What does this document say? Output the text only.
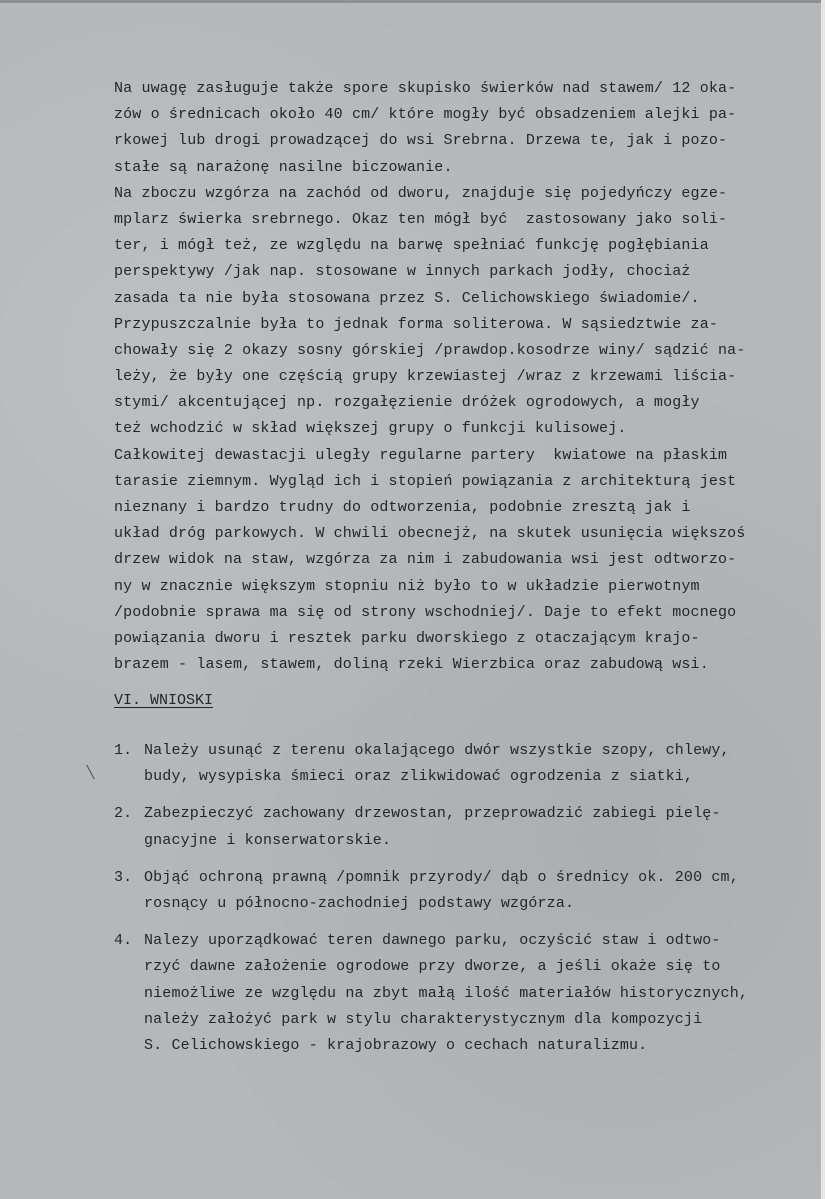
Na uwagę zasługuje także spore skupisko świerków nad stawem/ 12 oka-
zów o średnicach około 40 cm/ które mogły być obsadzeniem alejki pa-
rkowej lub drogi prowadzącej do wsi Srebrna. Drzewa te, jak i pozo-
stałe są narażonę nasilne biczowanie.
Na zboczu wzgórza na zachód od dworu, znajduje się pojedyńczy egze-
mplarz świerka srebrnego. Okaz ten mógł być  zastosowany jako soli-
ter, i mógł też, ze względu na barwę spełniać funkcję pogłębiania
perspektywy /jak nap. stosowane w innych parkach jodły, chociaż
zasada ta nie była stosowana przez S. Celichowskiego świadomie/.
Przypuszczalnie była to jednak forma soliterowa. W sąsiedztwie za-
chowały się 2 okazy sosny górskiej /prawdop.kosodrze winy/ sądzić na-
leży, że były one częścią grupy krzewiastej /wraz z krzewami liścia-
stymi/ akcentującej np. rozgałęzienie dróżek ogrodowych, a mogły
też wchodzić w skład większej grupy o funkcji kulisowej.
Całkowitej dewastacji uległy regularne partery  kwiatowe na płaskim
tarasie ziemnym. Wygląd ich i stopień powiązania z architekturą jest
nieznany i bardzo trudny do odtworzenia, podobnie zresztą jak i
układ dróg parkowych. W chwili obecnejż, na skutek usunięcia większoś
drzew widok na staw, wzgórza za nim i zabudowania wsi jest odtworzo-
ny w znacznie większym stopniu niż było to w układzie pierwotnym
/podobnie sprawa ma się od strony wschodniej/. Daje to efekt mocnego
powiązania dworu i resztek parku dworskiego z otaczającym krajo-
brazem - lasem, stawem, doliną rzeki Wierzbica oraz zabudową wsi.
VI. WNIOSKI
1. Należy usunąć z terenu okalającego dwór wszystkie szopy, chlewy,
budy, wysypiska śmieci oraz zlikwidować ogrodzenia z siatki,
2. Zabezpieczyć zachowany drzewostan, przeprowadzić zabiegi pielę-
gnacyjne i konserwatorskie.
3. Objąć ochroną prawną /pomnik przyrody/ dąb o średnicy ok. 200 cm,
rosnący u północno-zachodniej podstawy wzgórza.
4. Nalezy uporządkować teren dawnego parku, oczyścić staw i odtwo-
rzyć dawne założenie ogrodowe przy dworze, a jeśli okaże się to
niemożliwe ze względu na zbyt małą ilość materiałów historycznych,
należy założyć park w stylu charakterystycznym dla kompozycji
S. Celichowskiego - krajobrazowy o cechach naturalizmu.
